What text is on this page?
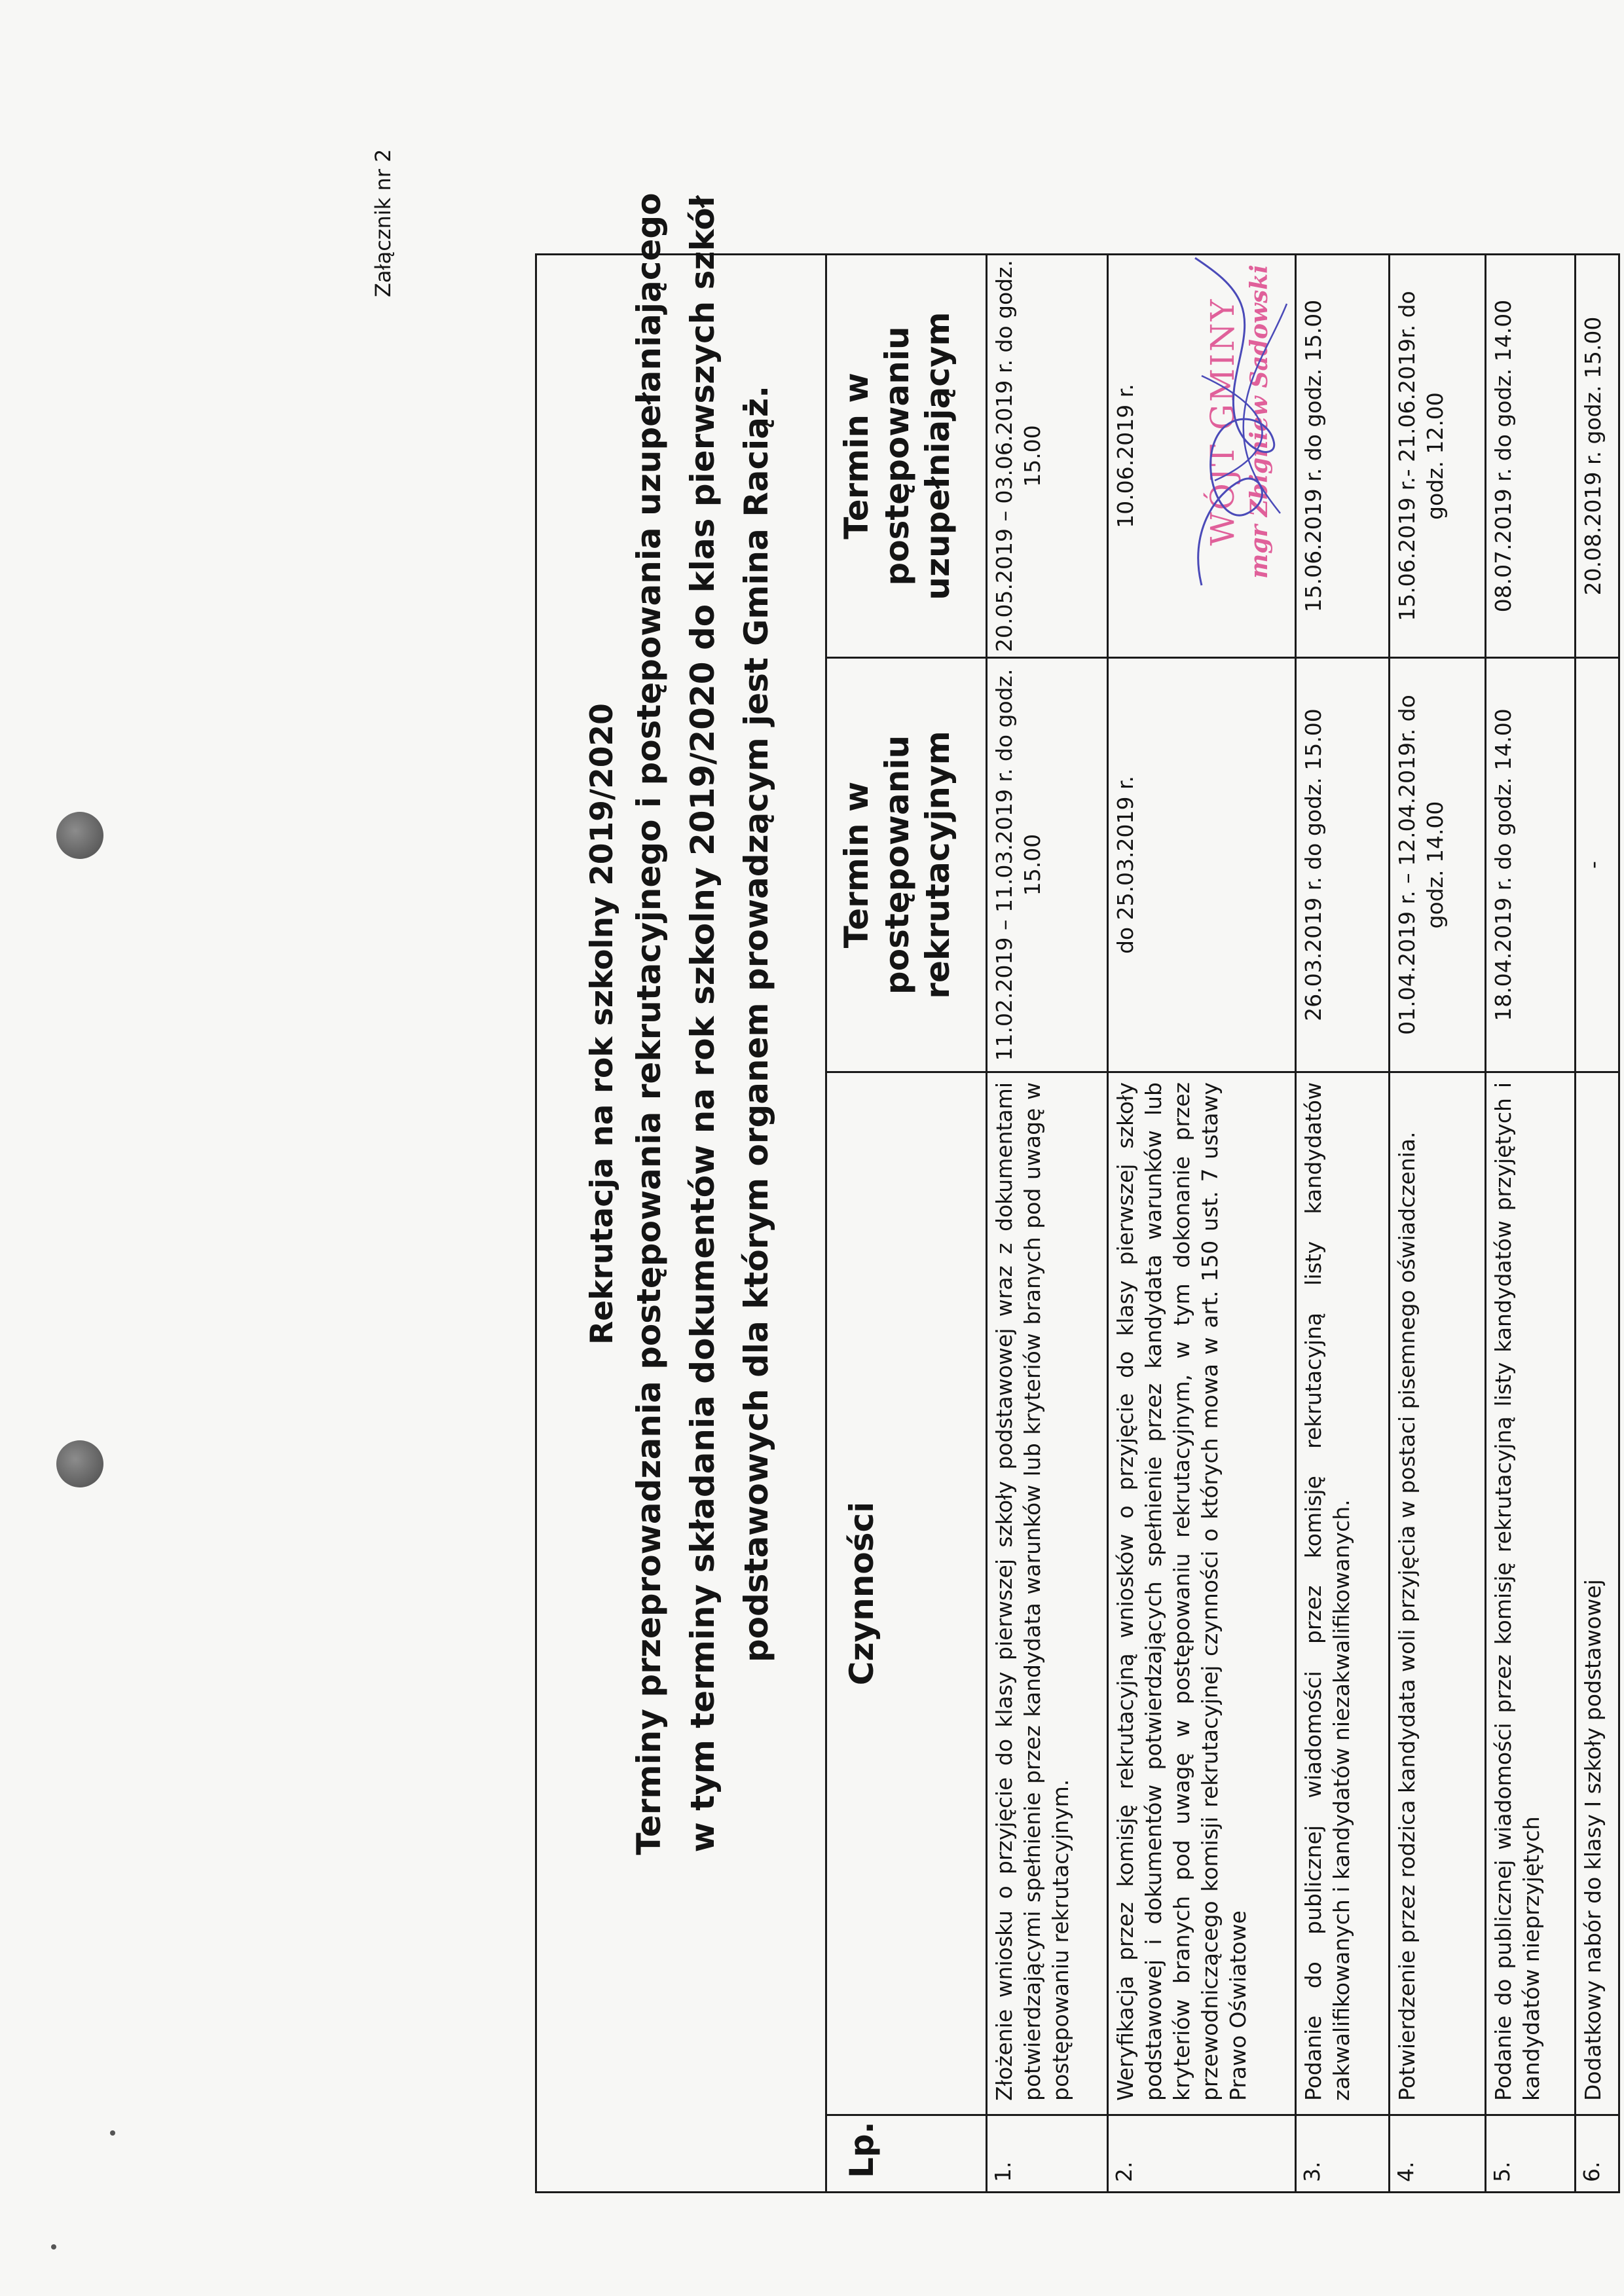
Załącznik nr 2

Lp.	Czynności	Termin w postępowaniu rekrutacyjnym	Termin w postępowaniu uzupełniającym
1.	Złożenie wniosku o przyjęcie do klasy pierwszej szkoły podstawowej wraz z dokumentami potwierdzającymi spełnienie przez kandydata warunków lub kryteriów branych pod uwagę w postępowaniu rekrutacyjnym.	11.02.2019 – 11.03.2019 r. do godz. 15.00	20.05.2019 – 03.06.2019 r. do godz. 15.00
2.	Weryfikacja przez komisję rekrutacyjną wniosków o przyjęcie do klasy pierwszej szkoły podstawowej i dokumentów potwierdzających spełnienie przez kandydata warunków lub kryteriów branych pod uwagę w postępowaniu rekrutacyjnym, w tym dokonanie przez przewodniczącego komisji rekrutacyjnej czynności o których mowa w art. 150 ust. 7 ustawy Prawo Oświatowe	do 25.03.2019 r.	10.06.2019 r.
3.	Podanie do publicznej wiadomości przez komisję rekrutacyjną listy kandydatów zakwalifikowanych i kandydatów niezakwalifikowanych.	26.03.2019 r. do godz. 15.00	15.06.2019 r. do godz. 15.00
4.	Potwierdzenie przez rodzica kandydata woli przyjęcia w postaci pisemnego oświadczenia.	01.04.2019 r. – 12.04.2019r. do godz. 14.00	15.06.2019 r.- 21.06.2019r. do godz. 12.00
5.	Podanie do publicznej wiadomości przez komisję rekrutacyjną listy kandydatów przyjętych i kandydatów nieprzyjętych	18.04.2019 r. do godz. 14.00	08.07.2019 r. do godz. 14.00
6.	Dodatkowy nabór do klasy I szkoły podstawowej	-	20.08.2019 r. godz. 15.00

Rekrutacja na rok szkolny 2019/2020 Terminy przeprowadzania postępowania rekrutacyjnego i postępowania uzupełaniającego w tym terminy składania dokumentów na rok szkolny 2019/2020 do klas pierwszych szkół podstawowych dla którym organem prowadzącym jest Gmina Raciąż.	WÓJT GMINY mgr Zbigniew Sadowski
